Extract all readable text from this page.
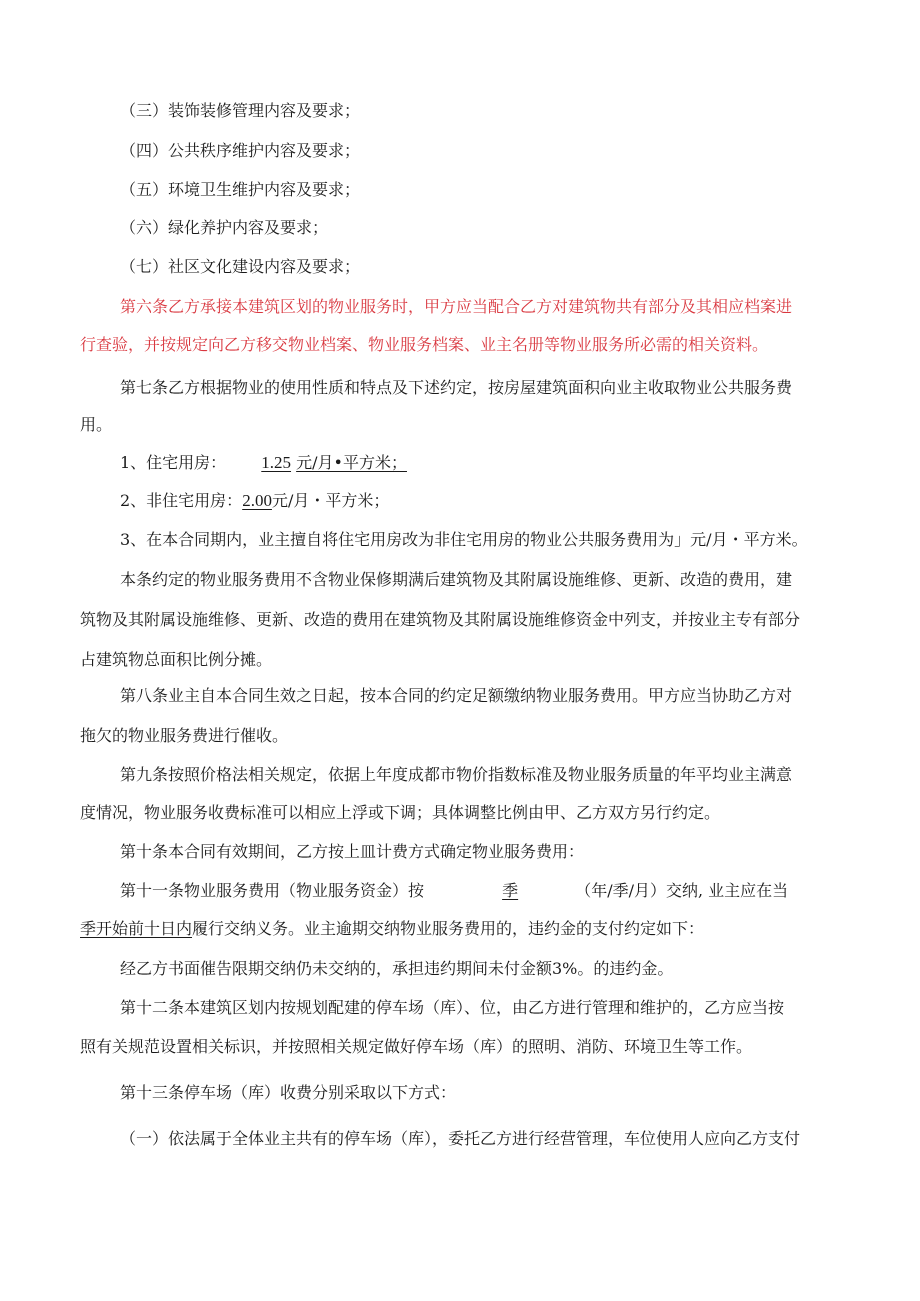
（三）装饰装修管理内容及要求；
（四）公共秩序维护内容及要求；
（五）环境卫生维护内容及要求；
（六）绿化养护内容及要求；
（七）社区文化建设内容及要求；
第六条乙方承接本建筑区划的物业服务时，甲方应当配合乙方对建筑物共有部分及其相应档案进
行查验，并按规定向乙方移交物业档案、物业服务档案、业主名册等物业服务所必需的相关资料。
第七条乙方根据物业的使用性质和特点及下述约定，按房屋建筑面积向业主收取物业公共服务费
用。
1、住宅用房： 1.25 元/月•平方米；
2、非住宅用房：2.00元/月・平方米；
3、在本合同期内，业主擅自将住宅用房改为非住宅用房的物业公共服务费用为」元/月・平方米。
本条约定的物业服务费用不含物业保修期满后建筑物及其附属设施维修、更新、改造的费用，建
筑物及其附属设施维修、更新、改造的费用在建筑物及其附属设施维修资金中列支，并按业主专有部分
占建筑物总面积比例分摊。
第八条业主自本合同生效之日起，按本合同的约定足额缴纳物业服务费用。甲方应当协助乙方对
拖欠的物业服务费进行催收。
第九条按照价格法相关规定，依据上年度成都市物价指数标准及物业服务质量的年平均业主满意
度情况，物业服务收费标准可以相应上浮或下调；具体调整比例由甲、乙方双方另行约定。
第十条本合同有效期间，乙方按上皿计费方式确定物业服务费用：
第十一条物业服务费用（物业服务资金）按	季	（年/季/月）交纳, 业主应在当
季开始前十日内履行交纳义务。业主逾期交纳物业服务费用的，违约金的支付约定如下：
经乙方书面催告限期交纳仍未交纳的，承担违约期间未付金额3%。的违约金。
第十二条本建筑区划内按规划配建的停车场（库）、位，由乙方进行管理和维护的，乙方应当按
照有关规范设置相关标识，并按照相关规定做好停车场（库）的照明、消防、环境卫生等工作。
第十三条停车场（库）收费分别采取以下方式：
（一）依法属于全体业主共有的停车场（库），委托乙方进行经营管理，车位使用人应向乙方支付
